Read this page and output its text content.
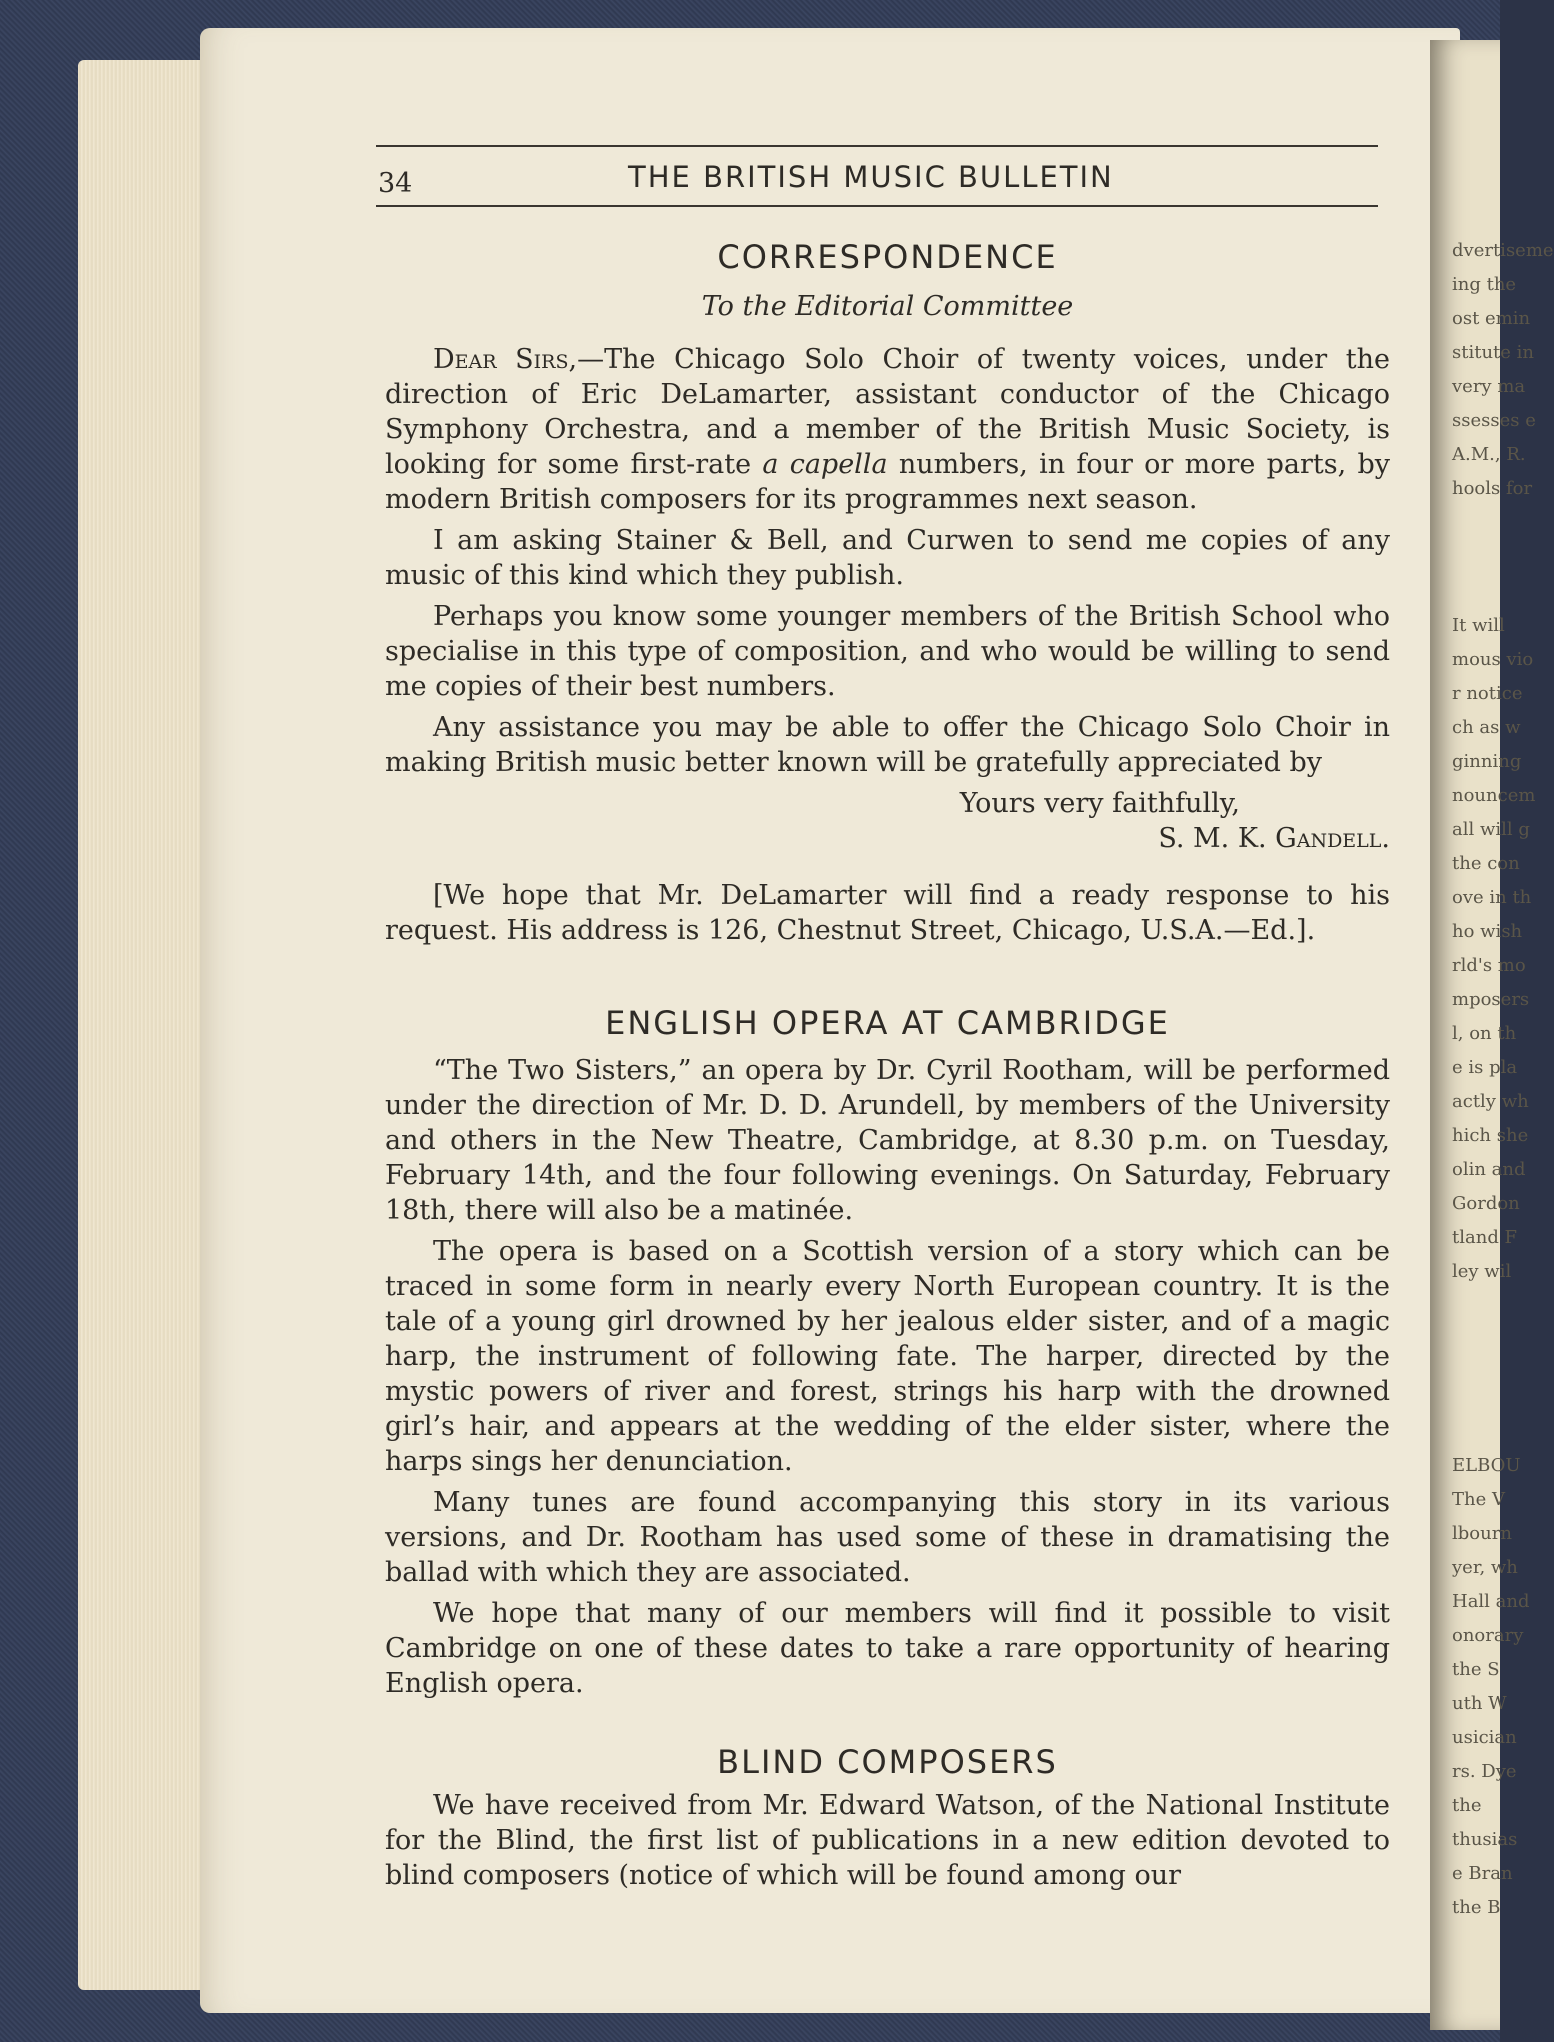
dvertiseme
ing the
ost emin
stitute in
very ma
ssesses e
A.M., R.
hools for
It will
mous vio
r notice
ch as w
ginning
nouncem
all will g
the con
ove in th
ho wish
rld's mo
mposers
l, on th
e is pla
actly wh
hich she
olin and
Gordon
tland F
ley wil
ELBOU
The V
lbourn
yer, wh
Hall and
onorary
the S
uth W
usician
rs. Dye
the
thusias
e Bran
the B
34	THE BRITISH MUSIC BULLETIN
CORRESPONDENCE
To the Editorial Committee

Dear Sirs,—The Chicago Solo Choir of twenty voices, under the direction of Eric DeLamarter, assistant conductor of the Chicago Symphony Orchestra, and a member of the British Music Society, is looking for some first-rate a capella numbers, in four or more parts, by modern British composers for its programmes next season.

I am asking Stainer & Bell, and Curwen to send me copies of any music of this kind which they publish.

Perhaps you know some younger members of the British School who specialise in this type of composition, and who would be willing to send me copies of their best numbers.

Any assistance you may be able to offer the Chicago Solo Choir in making British music better known will be gratefully appreciated by

Yours very faithfully,
S. M. K. Gandell.

[We hope that Mr. DeLamarter will find a ready response to his request. His address is 126, Chestnut Street, Chicago, U.S.A.—Ed.].

ENGLISH OPERA AT CAMBRIDGE

“The Two Sisters,” an opera by Dr. Cyril Rootham, will be performed under the direction of Mr. D. D. Arundell, by members of the University and others in the New Theatre, Cambridge, at 8.30 p.m. on Tuesday, February 14th, and the four following evenings. On Saturday, February 18th, there will also be a matinée.

The opera is based on a Scottish version of a story which can be traced in some form in nearly every North European country. It is the tale of a young girl drowned by her jealous elder sister, and of a magic harp, the instrument of following fate. The harper, directed by the mystic powers of river and forest, strings his harp with the drowned girl’s hair, and appears at the wedding of the elder sister, where the harps sings her denunciation.

Many tunes are found accompanying this story in its various versions, and Dr. Rootham has used some of these in dramatising the ballad with which they are associated.

We hope that many of our members will find it possible to visit Cambridge on one of these dates to take a rare opportunity of hearing English opera.

BLIND COMPOSERS

We have received from Mr. Edward Watson, of the National Institute for the Blind, the first list of publications in a new edition devoted to blind composers (notice of which will be found among our
